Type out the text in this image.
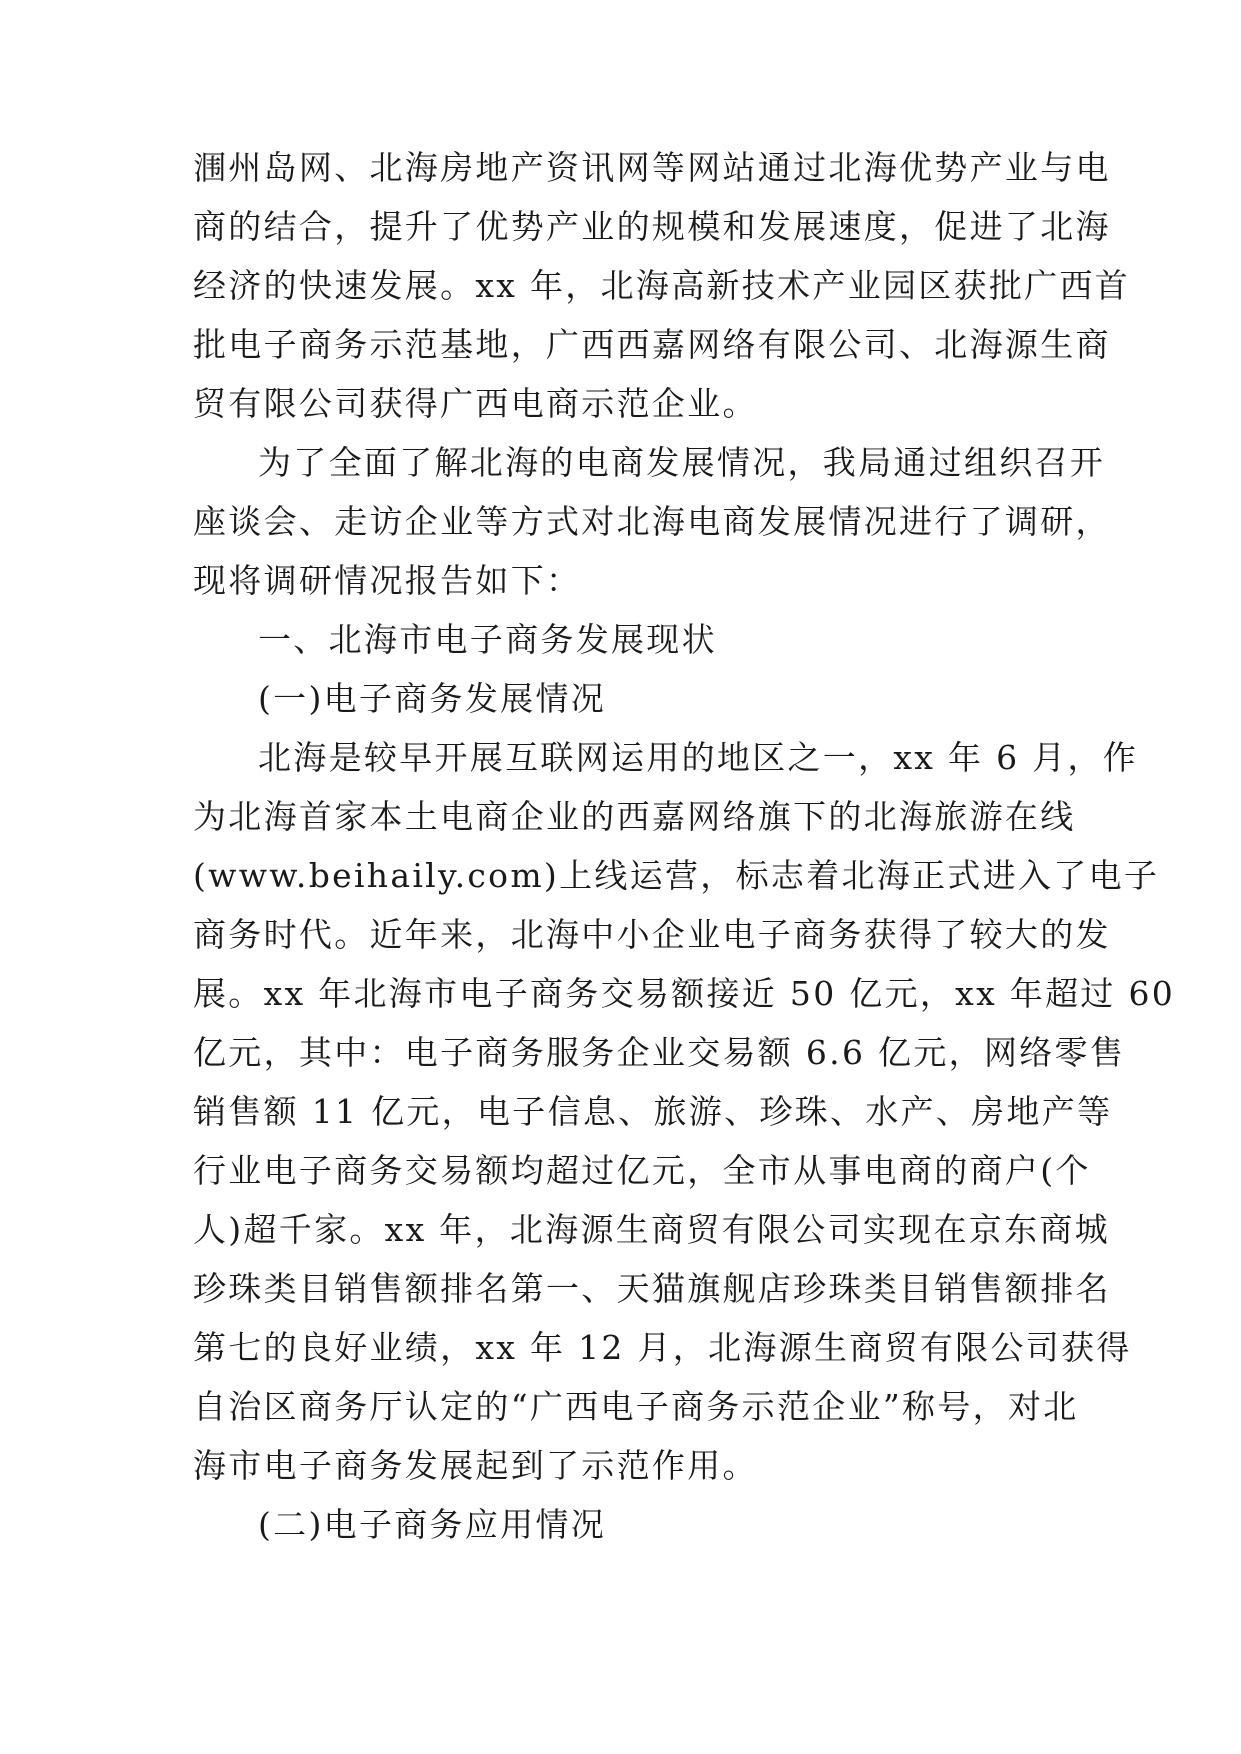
涠州岛网、北海房地产资讯网等网站通过北海优势产业与电

商的结合，提升了优势产业的规模和发展速度，促进了北海

经济的快速发展。xx 年，北海高新技术产业园区获批广西首

批电子商务示范基地，广西西嘉网络有限公司、北海源生商

贸有限公司获得广西电商示范企业。

为了全面了解北海的电商发展情况，我局通过组织召开

座谈会、走访企业等方式对北海电商发展情况进行了调研，

现将调研情况报告如下：

一、北海市电子商务发展现状

(一)电子商务发展情况

北海是较早开展互联网运用的地区之一，xx 年 6 月，作

为北海首家本土电商企业的西嘉网络旗下的北海旅游在线

(www.beihaily.com)上线运营，标志着北海正式进入了电子

商务时代。近年来，北海中小企业电子商务获得了较大的发

展。xx 年北海市电子商务交易额接近 50 亿元，xx 年超过 60

亿元，其中：电子商务服务企业交易额 6.6 亿元，网络零售

销售额 11 亿元，电子信息、旅游、珍珠、水产、房地产等

行业电子商务交易额均超过亿元，全市从事电商的商户(个

人)超千家。xx 年，北海源生商贸有限公司实现在京东商城

珍珠类目销售额排名第一、天猫旗舰店珍珠类目销售额排名

第七的良好业绩，xx 年 12 月，北海源生商贸有限公司获得

自治区商务厅认定的“广西电子商务示范企业”称号，对北

海市电子商务发展起到了示范作用。

(二)电子商务应用情况
